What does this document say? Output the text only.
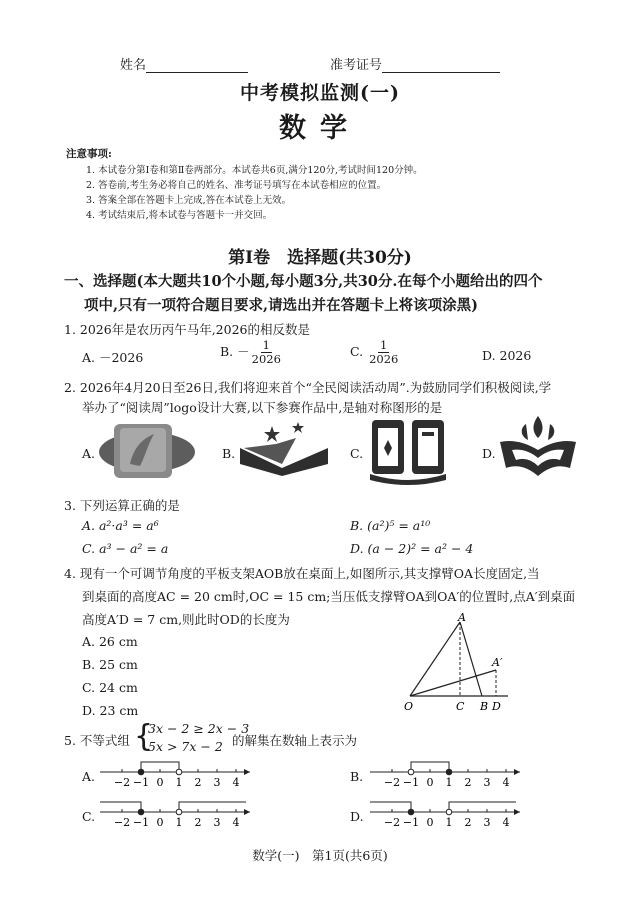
姓名	准考证号
中考模拟监测(一)
数学
注意事项:
1. 本试卷分第Ⅰ卷和第Ⅱ卷两部分。本试卷共6页,满分120分,考试时间120分钟。
2. 答卷前,考生务必将自己的姓名、准考证号填写在本试卷相应的位置。
3. 答案全部在答题卡上完成,答在本试卷上无效。
4. 考试结束后,将本试卷与答题卡一并交回。
第Ⅰ卷　选择题(共30分)
一、选择题(本大题共10个小题,每小题3分,共30分.在每个小题给出的四个
项中,只有一项符合题目要求,请选出并在答题卡上将该项涂黑)
1. 2026年是农历丙午马年,2026的相反数是
A. －2026	B. － $\frac{1}{2026}$	C. $\frac{1}{2026}$	D. 2026
2. 2026年4月20日至26日,我们将迎来首个“全民阅读活动周”.为鼓励同学们积极阅读,学
举办了“阅读周”logo设计大赛,以下参赛作品中,是轴对称图形的是
A.	B.	C.	D.
3. 下列运算正确的是
A. a²·a³ = a⁶	B. (a²)⁵ = a¹⁰
C. a³ − a² = a	D. (a − 2)² = a² − 4
4. 现有一个可调节角度的平板支架AOB放在桌面上,如图所示,其支撑臂OA长度固定,当
到桌面的高度AC = 20 cm时,OC = 15 cm;当压低支撑臂OA到OA′的位置时,点A′到桌面
高度A′D = 7 cm,则此时OD的长度为
A. 26 cm
B. 25 cm
C. 24 cm
D. 23 cm
A
A′
O	C B D
5. 不等式组 {
3x − 2 ≥ 2x − 3
5x > 7x − 2 的解集在数轴上表示为
A. −2 −1 0 1 2 3 4	B. −2 −1 0 1 2 3 4
C. −2 −1 0 1 2 3 4	D. −2 −1 0 1 2 3 4
数学(一)　第1页(共6页)
